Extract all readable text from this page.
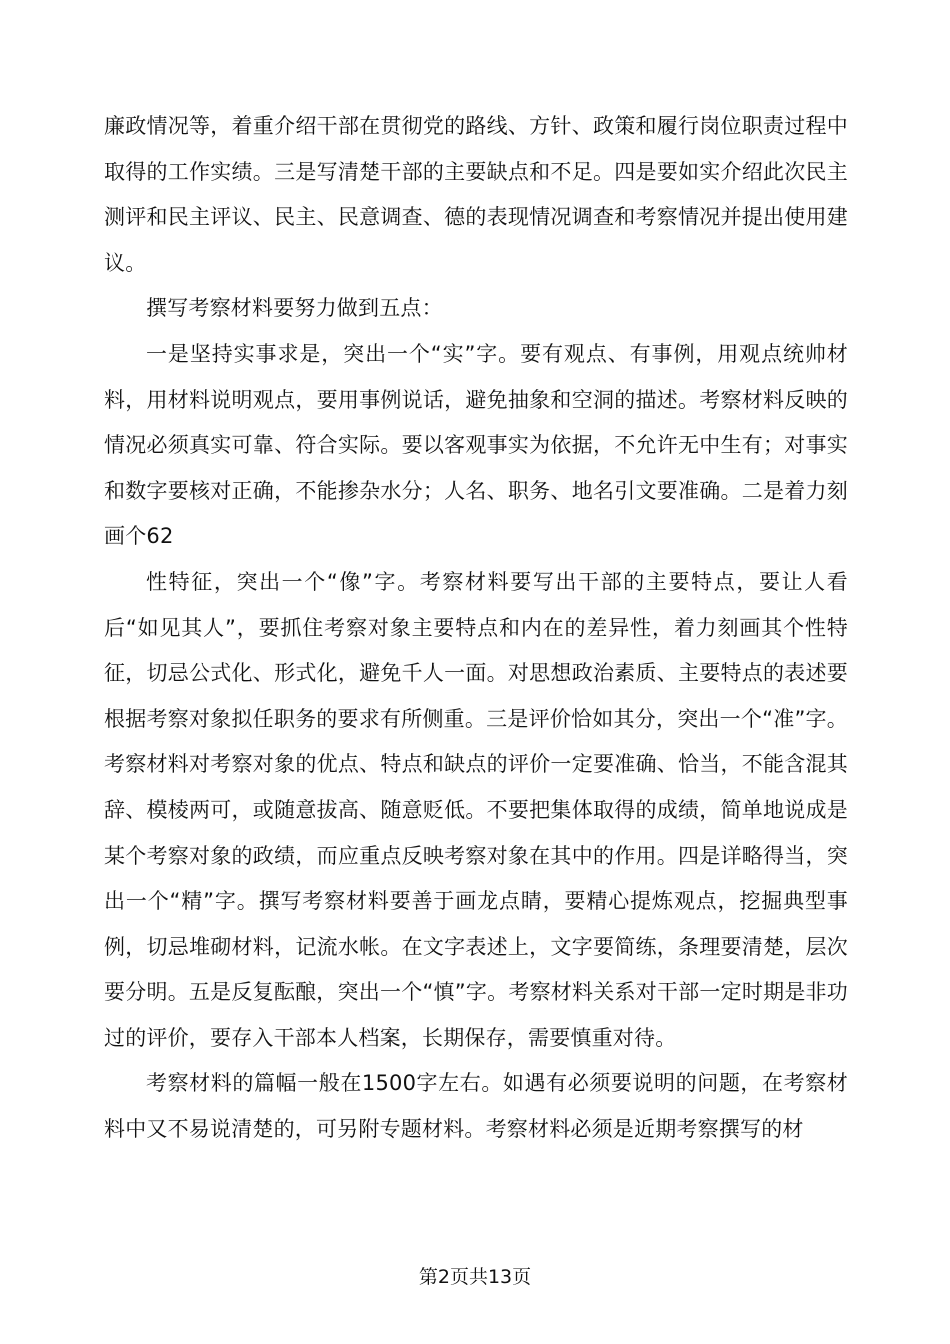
廉政情况等，着重介绍干部在贯彻党的路线、方针、政策和履行岗位职责过程中取得的工作实绩。三是写清楚干部的主要缺点和不足。四是要如实介绍此次民主测评和民主评议、民主、民意调查、德的表现情况调查和考察情况并提出使用建议。

撰写考察材料要努力做到五点：

一是坚持实事求是，突出一个“实”字。要有观点、有事例，用观点统帅材料，用材料说明观点，要用事例说话，避免抽象和空洞的描述。考察材料反映的情况必须真实可靠、符合实际。要以客观事实为依据，不允许无中生有；对事实和数字要核对正确，不能掺杂水分；人名、职务、地名引文要准确。二是着力刻画个62

性特征，突出一个“像”字。考察材料要写出干部的主要特点，要让人看后“如见其人”，要抓住考察对象主要特点和内在的差异性，着力刻画其个性特征，切忌公式化、形式化，避免千人一面。对思想政治素质、主要特点的表述要根据考察对象拟任职务的要求有所侧重。三是评价恰如其分，突出一个“准”字。考察材料对考察对象的优点、特点和缺点的评价一定要准确、恰当，不能含混其辞、模棱两可，或随意拔高、随意贬低。不要把集体取得的成绩，简单地说成是某个考察对象的政绩，而应重点反映考察对象在其中的作用。四是详略得当，突出一个“精”字。撰写考察材料要善于画龙点睛，要精心提炼观点，挖掘典型事例，切忌堆砌材料，记流水帐。在文字表述上，文字要简练，条理要清楚，层次要分明。五是反复酝酿，突出一个“慎”字。考察材料关系对干部一定时期是非功过的评价，要存入干部本人档案，长期保存，需要慎重对待。

考察材料的篇幅一般在1500字左右。如遇有必须要说明的问题，在考察材料中又不易说清楚的，可另附专题材料。考察材料必须是近期考察撰写的材

第2页共13页
